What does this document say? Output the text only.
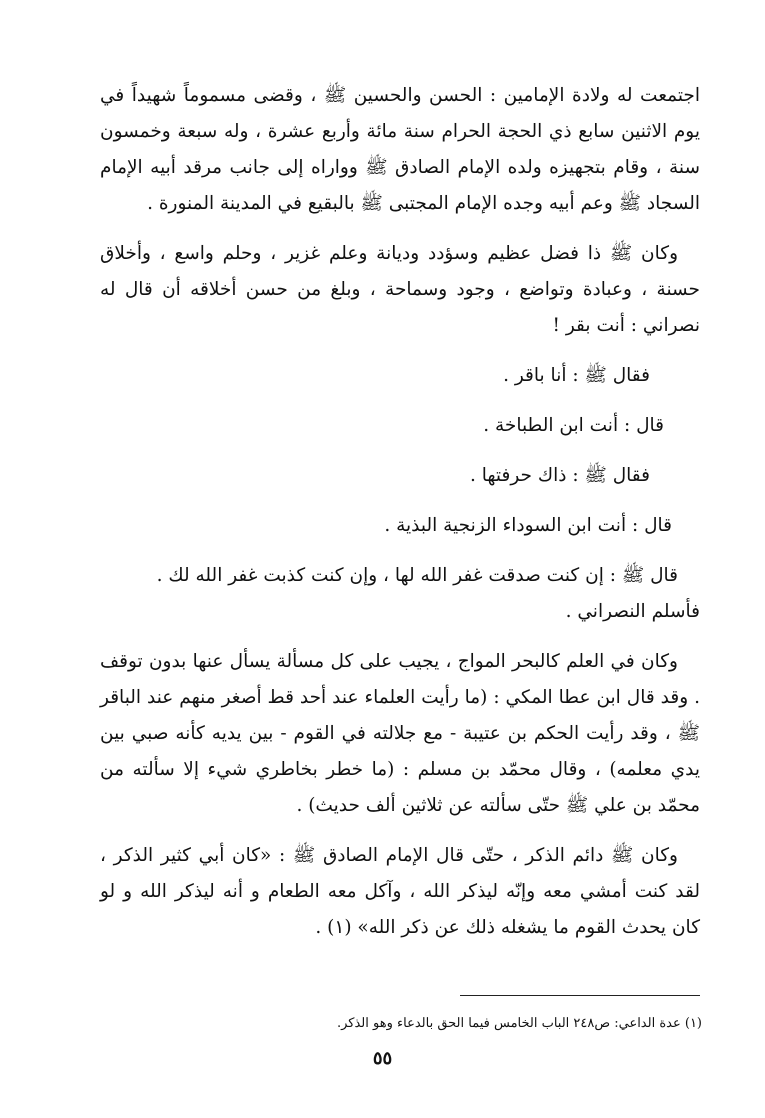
اجتمعت له ولادة الإمامين : الحسن والحسين ﷺ ، وقضى مسموماً شهيداً في يوم الاثنين سابع ذي الحجة الحرام سنة مائة وأربع عشرة ، وله سبعة وخمسون سنة ، وقام بتجهيزه ولده الإمام الصادق ﷺ وواراه إلى جانب مرقد أبيه الإمام السجاد ﷺ وعم أبيه وجده الإمام المجتبى ﷺ بالبقيع في المدينة المنورة .

وكان ﷺ ذا فضل عظيم وسؤدد وديانة وعلم غزير ، وحلم واسع ، وأخلاق حسنة ، وعبادة وتواضع ، وجود وسماحة ، وبلغ من حسن أخلاقه أن قال له نصراني : أنت بقر !

فقال ﷺ : أنا باقر .

قال : أنت ابن الطباخة .

فقال ﷺ : ذاك حرفتها .

قال : أنت ابن السوداء الزنجية البذية .

قال ﷺ : إن كنت صدقت غفر الله لها ، وإن كنت كذبت غفر الله لك .

فأسلم النصراني .

وكان في العلم كالبحر المواج ، يجيب على كل مسألة يسأل عنها بدون توقف . وقد قال ابن عطا المكي : (ما رأيت العلماء عند أحد قط أصغر منهم عند الباقر ﷺ ، وقد رأيت الحكم بن عتيبة - مع جلالته في القوم - بين يديه كأنه صبي بين يدي معلمه) ، وقال محمّد بن مسلم : (ما خطر بخاطري شيء إلا سألته من محمّد بن علي ﷺ حتّى سألته عن ثلاثين ألف حديث) .

وكان ﷺ دائم الذكر ، حتّى قال الإمام الصادق ﷺ : «كان أبي كثير الذكر ، لقد كنت أمشي معه وإنّه ليذكر الله ، وآكل معه الطعام و أنه ليذكر الله و لو كان يحدث القوم ما يشغله ذلك عن ذكر الله» (١) .

(١) عدة الداعي: ص٢٤٨ الباب الخامس فيما الحق بالدعاء وهو الذكر.
٥٥
